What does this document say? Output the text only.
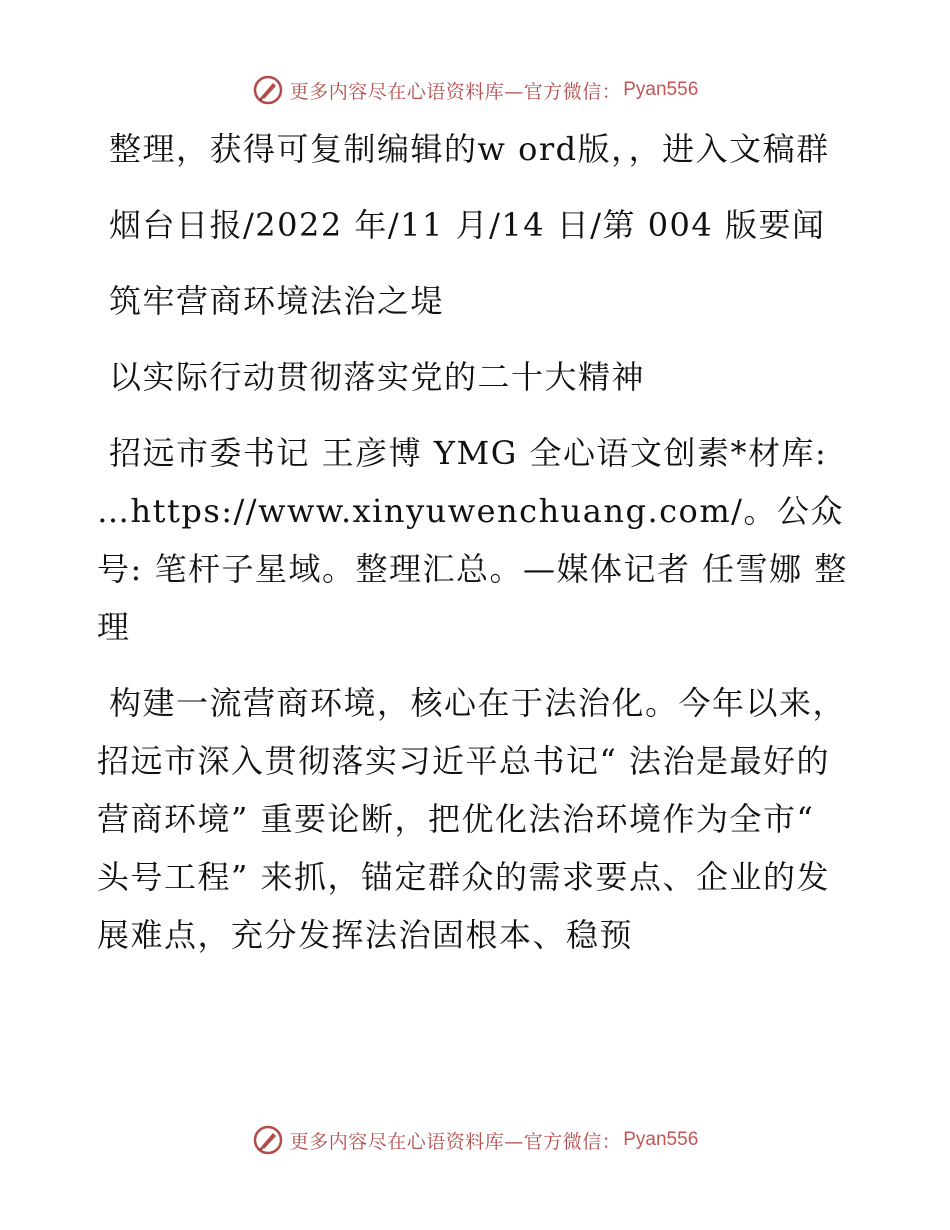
更多内容尽在心语资料库—官方微信： Pyan556

整理，获得可复制编辑的w ord版，，进入文稿群

烟台日报/2022 年/11 月/14 日/第 004 版要闻

筑牢营商环境法治之堤

以实际行动贯彻落实党的二十大精神

招远市委书记 王彦博 YMG 全心语文创素*材库: …https://www.xinyuwenchuang.com/。公众号: 笔杆子星域。整理汇总。—媒体记者 任雪娜 整理

构建一流营商环境，核心在于法治化。今年以来，招远市深入贯彻落实习近平总书记“ 法治是最好的营商环境” 重要论断，把优化法治环境作为全市“ 头号工程” 来抓，锚定群众的需求要点、企业的发展难点，充分发挥法治固根本、稳预

更多内容尽在心语资料库—官方微信： Pyan556
